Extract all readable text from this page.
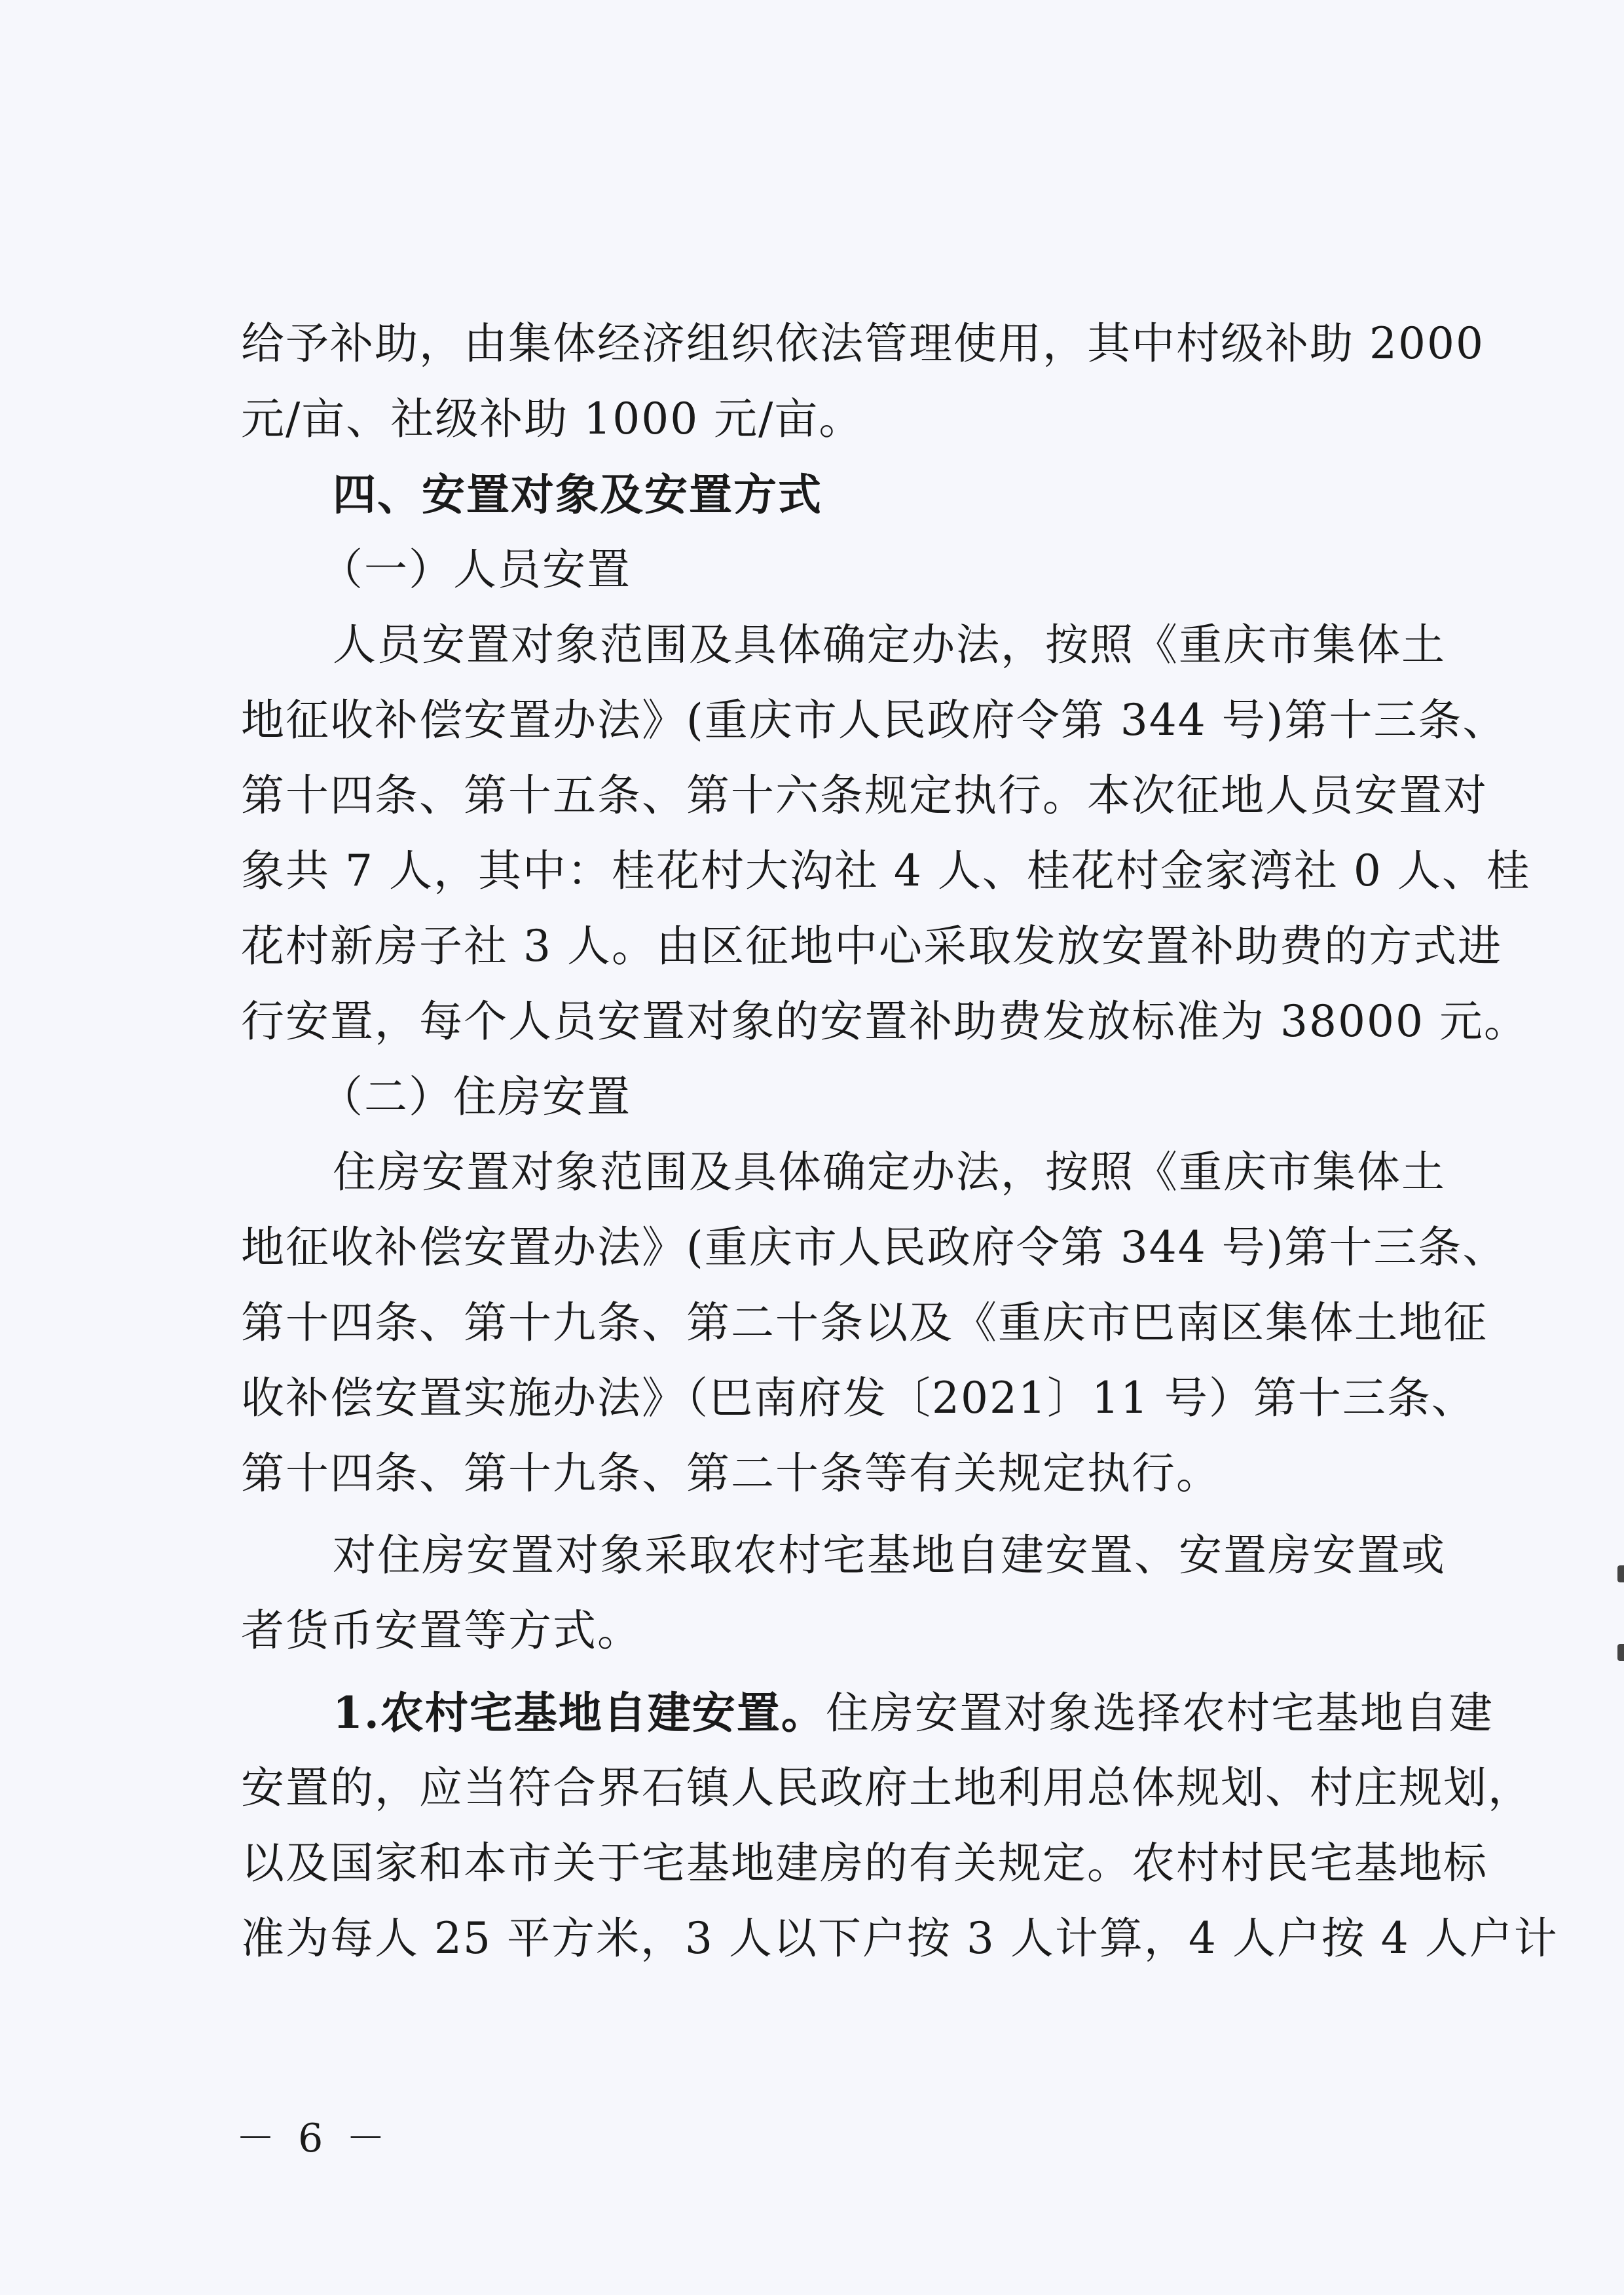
给予补助，由集体经济组织依法管理使用，其中村级补助 2000
元/亩、社级补助 1000 元/亩。
四、安置对象及安置方式
（一）人员安置
人员安置对象范围及具体确定办法，按照《重庆市集体土
地征收补偿安置办法》(重庆市人民政府令第 344 号)第十三条、
第十四条、第十五条、第十六条规定执行。本次征地人员安置对
象共 7 人，其中：桂花村大沟社 4 人、桂花村金家湾社 0 人、桂
花村新房子社 3 人。由区征地中心采取发放安置补助费的方式进
行安置，每个人员安置对象的安置补助费发放标准为 38000 元。
（二）住房安置
住房安置对象范围及具体确定办法，按照《重庆市集体土
地征收补偿安置办法》(重庆市人民政府令第 344 号)第十三条、
第十四条、第十九条、第二十条以及《重庆市巴南区集体土地征
收补偿安置实施办法》（巴南府发〔2021〕11 号）第十三条、
第十四条、第十九条、第二十条等有关规定执行。
对住房安置对象采取农村宅基地自建安置、安置房安置或
者货币安置等方式。
1.农村宅基地自建安置。住房安置对象选择农村宅基地自建
安置的，应当符合界石镇人民政府土地利用总体规划、村庄规划，
以及国家和本市关于宅基地建房的有关规定。农村村民宅基地标
准为每人 25 平方米，3 人以下户按 3 人计算，4 人户按 4 人户计
－ 6 －
